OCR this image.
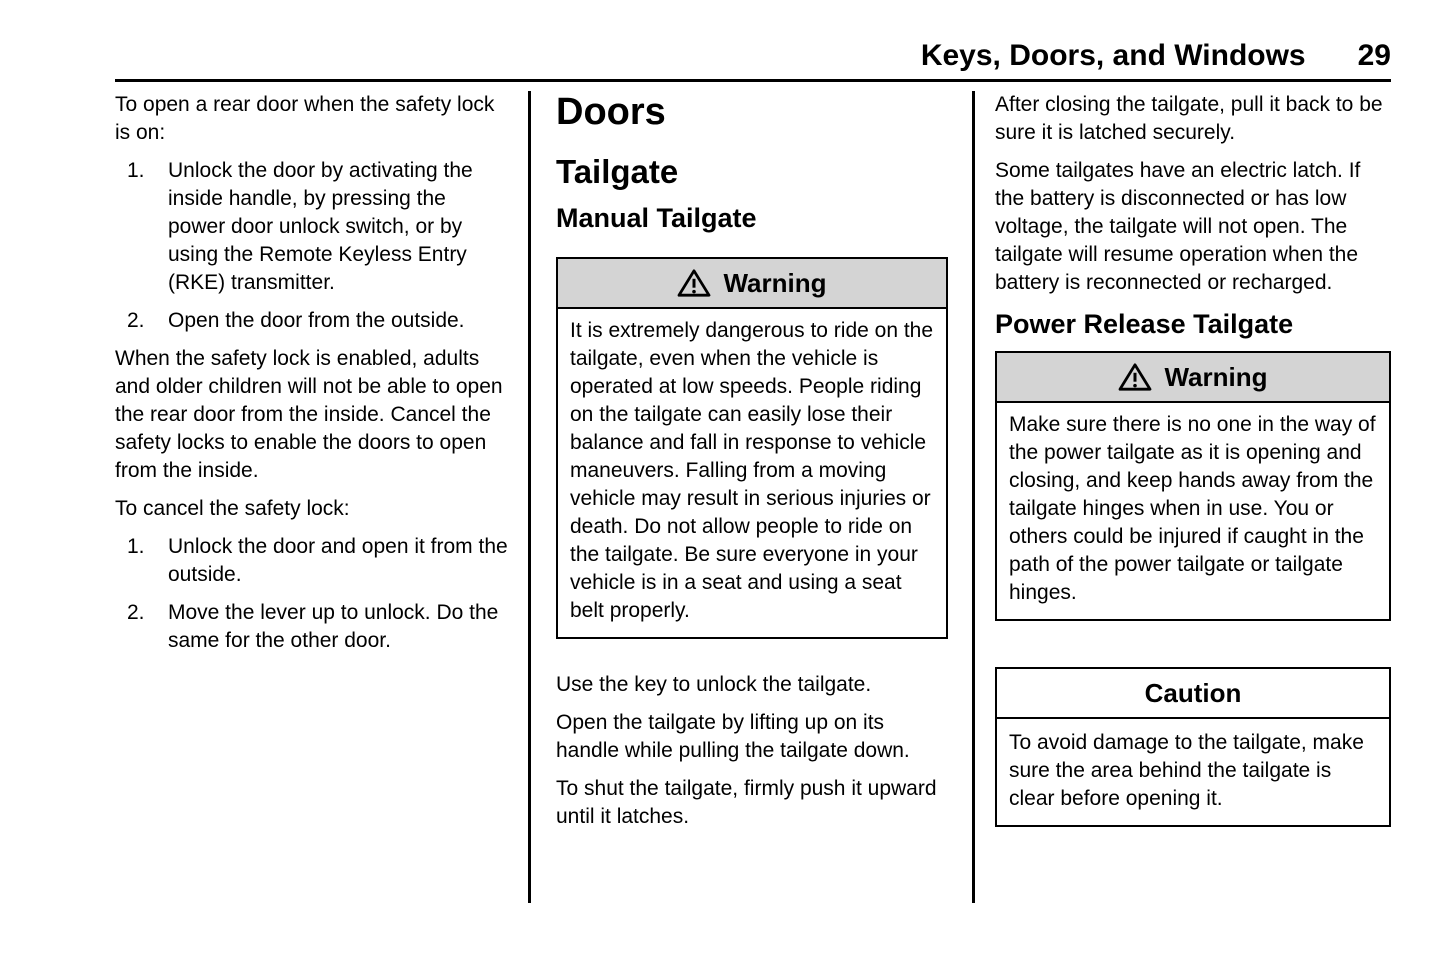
Keys, Doors, and Windows 29

To open a rear door when the safety lock is on:

1.	Unlock the door by activating the inside handle, by pressing the power door unlock switch, or by using the Remote Keyless Entry (RKE) transmitter.
2.	Open the door from the outside.

When the safety lock is enabled, adults and older children will not be able to open the rear door from the inside. Cancel the safety locks to enable the doors to open from the inside.

To cancel the safety lock:

1.	Unlock the door and open it from the outside.
2.	Move the lever up to unlock. Do the same for the other door.
Doors
Tailgate
Manual Tailgate
Warning
It is extremely dangerous to ride on the tailgate, even when the vehicle is operated at low speeds. People riding on the tailgate can easily lose their balance and fall in response to vehicle maneuvers. Falling from a moving vehicle may result in serious injuries or death. Do not allow people to ride on the tailgate. Be sure everyone in your vehicle is in a seat and using a seat belt properly.

Use the key to unlock the tailgate.

Open the tailgate by lifting up on its handle while pulling the tailgate down.

To shut the tailgate, firmly push it upward until it latches.

After closing the tailgate, pull it back to be sure it is latched securely.

Some tailgates have an electric latch. If the battery is disconnected or has low voltage, the tailgate will not open. The tailgate will resume operation when the battery is reconnected or recharged.

Power Release Tailgate
Warning
Make sure there is no one in the way of the power tailgate as it is opening and closing, and keep hands away from the tailgate hinges when in use. You or others could be injured if caught in the path of the power tailgate or tailgate hinges.
Caution
To avoid damage to the tailgate, make sure the area behind the tailgate is clear before opening it.
